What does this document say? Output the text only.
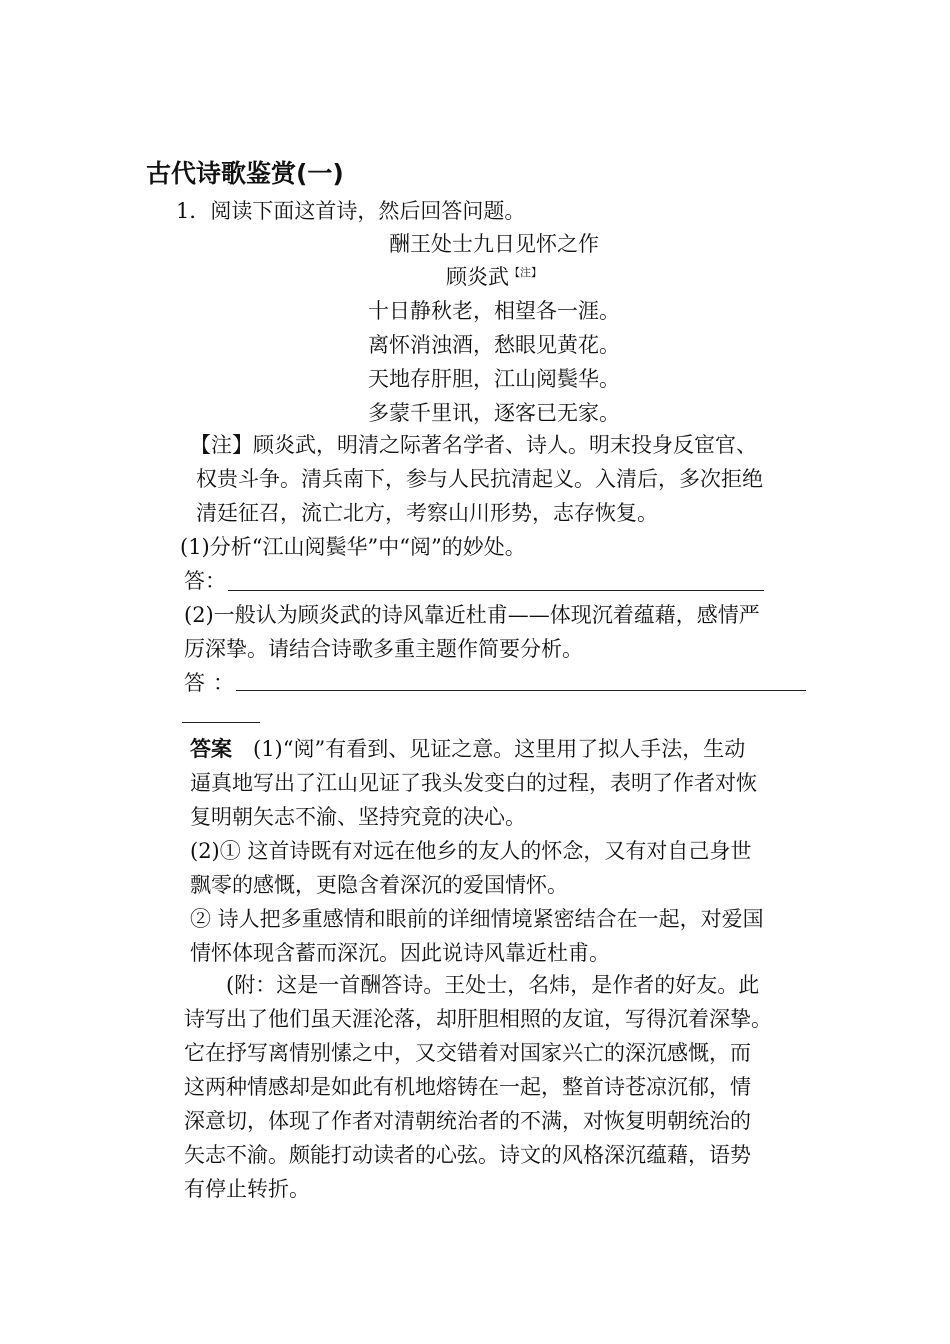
古代诗歌鉴赏(一)
1．阅读下面这首诗，然后回答问题。
酬王处士九日见怀之作
顾炎武$^{【注】}$
十日静秋老，相望各一涯。
离怀消浊酒，愁眼见黄花。
天地存肝胆，江山阅鬓华。
多蒙千里讯，逐客已无家。
【注】顾炎武，明清之际著名学者、诗人。明末投身反宦官、
权贵斗争。清兵南下，参与人民抗清起义。入清后，多次拒绝
清廷征召，流亡北方，考察山川形势，志存恢复。
(1)分析“江山阅鬓华”中“阅”的妙处。
答：
(2)一般认为顾炎武的诗风靠近杜甫——体现沉着蕴藉，感情严
厉深挚。请结合诗歌多重主题作简要分析。
答：
答案 (1)“阅”有看到、见证之意。这里用了拟人手法，生动
逼真地写出了江山见证了我头发变白的过程，表明了作者对恢
复明朝矢志不渝、坚持究竟的决心。
(2)① 这首诗既有对远在他乡的友人的怀念，又有对自己身世
飘零的感慨，更隐含着深沉的爱国情怀。
② 诗人把多重感情和眼前的详细情境紧密结合在一起，对爱国
情怀体现含蓄而深沉。因此说诗风靠近杜甫。
(附：这是一首酬答诗。王处士，名炜，是作者的好友。此
诗写出了他们虽天涯沦落，却肝胆相照的友谊，写得沉着深挚。
它在抒写离情别愫之中，又交错着对国家兴亡的深沉感慨，而
这两种情感却是如此有机地熔铸在一起，整首诗苍凉沉郁，情
深意切，体现了作者对清朝统治者的不满，对恢复明朝统治的
矢志不渝。颇能打动读者的心弦。诗文的风格深沉蕴藉，语势
有停止转折。
